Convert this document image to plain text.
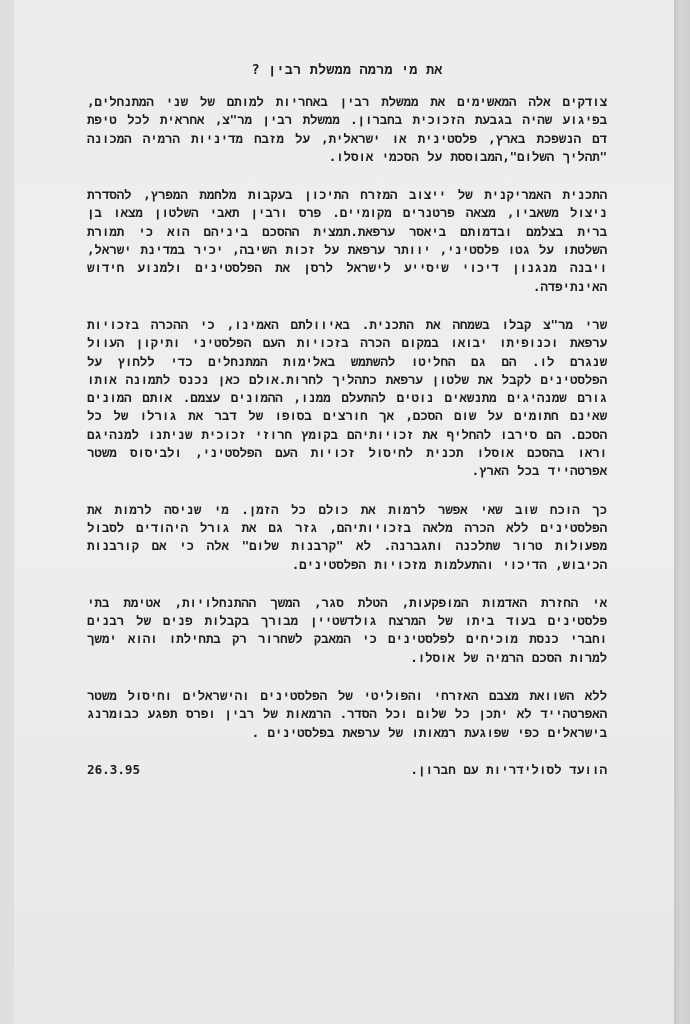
את מי מרמה ממשלת רבין ?

צודקים אלה המאשימים את ממשלת רבין באחריות למותם של שני המתנחלים, בפיגוע שהיה בגבעת הזכוכית בחברון. ממשלת רבין מר"צ, אחראית לכל טיפת דם הנשפכת בארץ, פלסטינית או ישראלית, על מזבח מדיניות הרמיה המכונה "תהליך השלום",המבוססת על הסכמי אוסלו.

התכנית האמריקנית של ייצוב המזרח התיכון בעקבות מלחמת המפרץ, להסדרת ניצול משאביו, מצאה פרטנרים מקומיים. פרס ורבין תאבי השלטון מצאו בן ברית בצלמם ובדמותם ביאסר ערפאת.תמצית ההסכם ביניהם הוא כי תמורת השלטתו על גטו פלסטיני, יוותר ערפאת על זכות השיבה, יכיר במדינת ישראל, ויבנה מנגנון דיכוי שיסייע לישראל לרסן את הפלסטינים ולמנוע חידוש האינתיפדה.

שרי מר"צ קבלו בשמחה את התכנית. באיוולתם האמינו, כי ההכרה בזכויות ערפאת וכנופיתו יבואו במקום הכרה בזכויות העם הפלסטיני ותיקון העוול שנגרם לו. הם גם החליטו להשתמש באלימות המתנחלים כדי ללחוץ על הפלסטינים לקבל את שלטון ערפאת כתהליך לחרות.אולם כאן נכנס לתמונה אותו גורם שמנהיגים מתנשאים נוטים להתעלם ממנו, ההמונים עצמם. אותם המונים שאינם חתומים על שום הסכם, אך חורצים בסופו של דבר את גורלו של כל הסכם. הם סירבו להחליף את זכויותיהם בקומץ חרוזי זכוכית שניתנו למנהיגם וראו בהסכם אוסלו תכנית לחיסול זכויות העם הפלסטיני, ולביסוס משטר אפרטהייד בכל הארץ.

כך הוכח שוב שאי אפשר לרמות את כולם כל הזמן. מי שניסה לרמות את הפלסטינים ללא הכרה מלאה בזכויותיהם, גזר גם את גורל היהודים לסבול מפעולות טרור שתלכנה ותגברנה. לא "קרבנות שלום" אלה כי אם קורבנות הכיבוש, הדיכוי והתעלמות מזכויות הפלסטינים.

אי החזרת האדמות המופקעות, הטלת סגר, המשך ההתנחלויות, אטימת בתי פלסטינים בעוד ביתו של המרצח גולדשטיין מבורך בקבלות פנים של רבנים וחברי כנסת מוכיחים לפלסטינים כי המאבק לשחרור רק בתחילתו והוא ימשך למרות הסכם הרמיה של אוסלו.

ללא השוואת מצבם האזרחי והפוליטי של הפלסטינים והישראלים וחיסול משטר האפרטהייד לא יתכן כל שלום וכל הסדר. הרמאות של רבין ופרס תפגע כבומרנג בישראלים כפי שפוגעת רמאותו של ערפאת בפלסטינים .

הוועד לסולידריות עם חברון.
26.3.95
